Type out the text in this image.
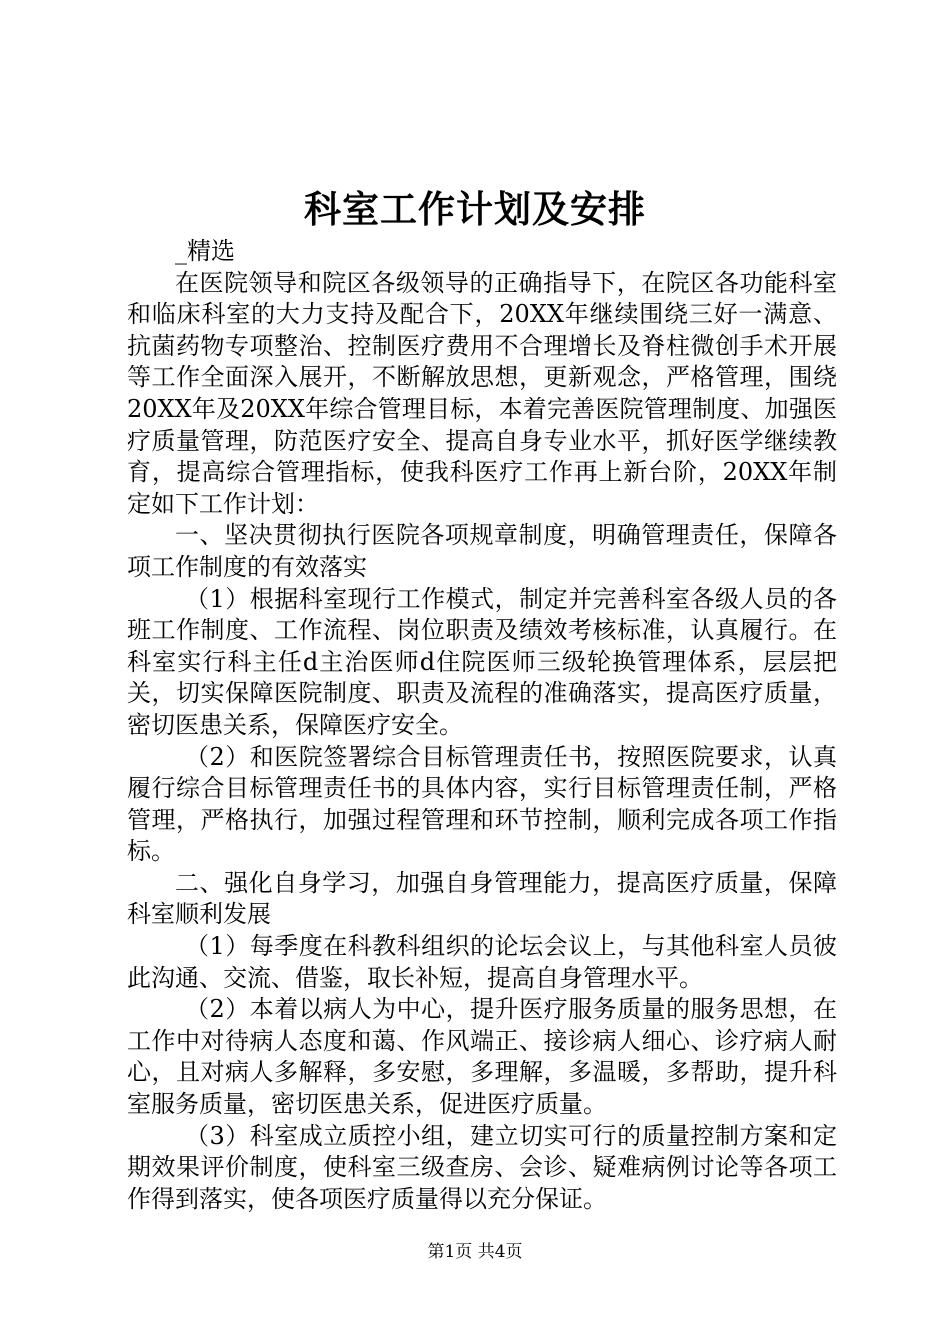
科室工作计划及安排

_精选

在医院领导和院区各级领导的正确指导下，在院区各功能科室和临床科室的大力支持及配合下，20XX年继续围绕三好一满意、抗菌药物专项整治、控制医疗费用不合理增长及脊柱微创手术开展等工作全面深入展开，不断解放思想，更新观念，严格管理，围绕20XX年及20XX年综合管理目标，本着完善医院管理制度、加强医疗质量管理，防范医疗安全、提高自身专业水平，抓好医学继续教育，提高综合管理指标，使我科医疗工作再上新台阶，20XX年制定如下工作计划：

一、坚决贯彻执行医院各项规章制度，明确管理责任，保障各项工作制度的有效落实

（1）根据科室现行工作模式，制定并完善科室各级人员的各班工作制度、工作流程、岗位职责及绩效考核标准，认真履行。在科室实行科主任d主治医师d住院医师三级轮换管理体系，层层把关，切实保障医院制度、职责及流程的准确落实，提高医疗质量，密切医患关系，保障医疗安全。

（2）和医院签署综合目标管理责任书，按照医院要求，认真履行综合目标管理责任书的具体内容，实行目标管理责任制，严格管理，严格执行，加强过程管理和环节控制，顺利完成各项工作指标。

二、强化自身学习，加强自身管理能力，提高医疗质量，保障科室顺利发展

（1）每季度在科教科组织的论坛会议上，与其他科室人员彼此沟通、交流、借鉴，取长补短，提高自身管理水平。

（2）本着以病人为中心，提升医疗服务质量的服务思想，在工作中对待病人态度和蔼、作风端正、接诊病人细心、诊疗病人耐心，且对病人多解释，多安慰，多理解，多温暖，多帮助，提升科室服务质量，密切医患关系，促进医疗质量。

（3）科室成立质控小组，建立切实可行的质量控制方案和定期效果评价制度，使科室三级查房、会诊、疑难病例讨论等各项工作得到落实，使各项医疗质量得以充分保证。

第1页 共4页
